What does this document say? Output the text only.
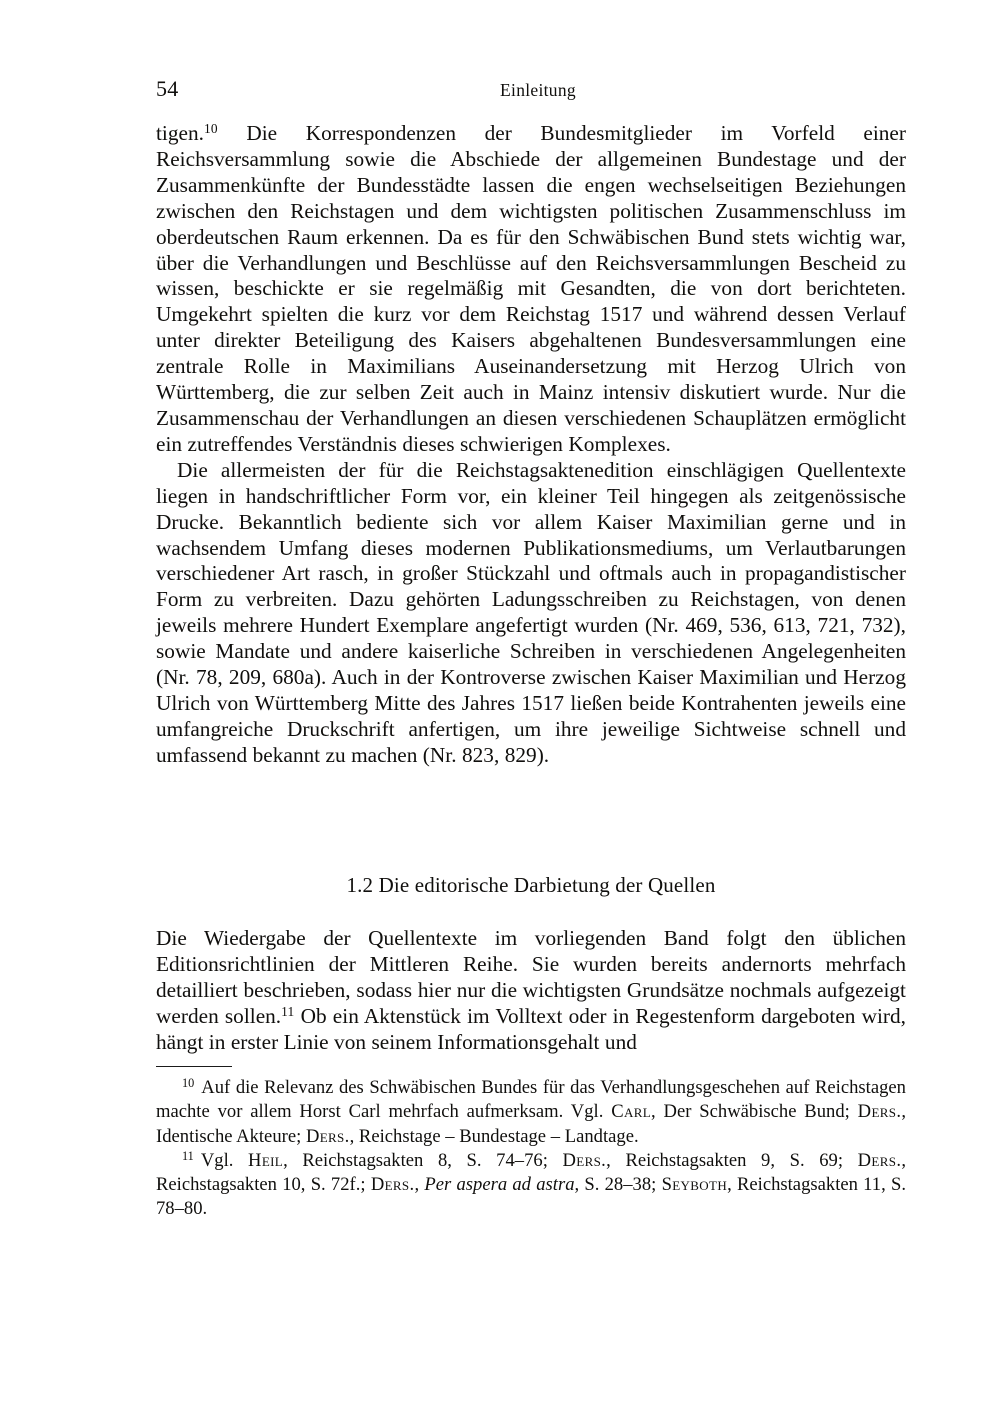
54	Einleitung

tigen.$^{10}$ Die Korrespondenzen der Bundesmitglieder im Vorfeld einer Reichsversammlung sowie die Abschiede der allgemeinen Bundestage und der Zusammenkünfte der Bundesstädte lassen die engen wechselseitigen Beziehungen zwischen den Reichstagen und dem wichtigsten politischen Zusammenschluss im oberdeutschen Raum erkennen. Da es für den Schwäbischen Bund stets wichtig war, über die Verhandlungen und Beschlüsse auf den Reichsversammlungen Bescheid zu wissen, beschickte er sie regelmäßig mit Gesandten, die von dort berichteten. Umgekehrt spielten die kurz vor dem Reichstag 1517 und während dessen Verlauf unter direkter Beteiligung des Kaisers abgehaltenen Bundesversammlungen eine zentrale Rolle in Maximilians Auseinandersetzung mit Herzog Ulrich von Württemberg, die zur selben Zeit auch in Mainz intensiv diskutiert wurde. Nur die Zusammenschau der Verhandlungen an diesen verschiedenen Schauplätzen ermöglicht ein zutreffendes Verständnis dieses schwierigen Komplexes.

Die allermeisten der für die Reichstagsaktenedition einschlägigen Quellentexte liegen in handschriftlicher Form vor, ein kleiner Teil hingegen als zeitgenössische Drucke. Bekanntlich bediente sich vor allem Kaiser Maximilian gerne und in wachsendem Umfang dieses modernen Publikationsmediums, um Verlautbarungen verschiedener Art rasch, in großer Stückzahl und oftmals auch in propagandistischer Form zu verbreiten. Dazu gehörten Ladungsschreiben zu Reichstagen, von denen jeweils mehrere Hundert Exemplare angefertigt wurden (Nr. 469, 536, 613, 721, 732), sowie Mandate und andere kaiserliche Schreiben in verschiedenen Angelegenheiten (Nr. 78, 209, 680a). Auch in der Kontroverse zwischen Kaiser Maximilian und Herzog Ulrich von Württemberg Mitte des Jahres 1517 ließen beide Kontrahenten jeweils eine umfangreiche Druckschrift anfertigen, um ihre jeweilige Sichtweise schnell und umfassend bekannt zu machen (Nr. 823, 829).

1.2 Die editorische Darbietung der Quellen

Die Wiedergabe der Quellentexte im vorliegenden Band folgt den üblichen Editionsrichtlinien der Mittleren Reihe. Sie wurden bereits andernorts mehrfach detailliert beschrieben, sodass hier nur die wichtigsten Grundsätze nochmals aufgezeigt werden sollen.$^{11}$ Ob ein Aktenstück im Volltext oder in Regestenform dargeboten wird, hängt in erster Linie von seinem Informationsgehalt und

$^{10}$ Auf die Relevanz des Schwäbischen Bundes für das Verhandlungsgeschehen auf Reichstagen machte vor allem Horst Carl mehrfach aufmerksam. Vgl. Carl, Der Schwäbische Bund; Ders., Identische Akteure; Ders., Reichstage – Bundestage – Landtage.

$^{11}$ Vgl. Heil, Reichstagsakten 8, S. 74–76; Ders., Reichstagsakten 9, S. 69; Ders., Reichstagsakten 10, S. 72f.; Ders., Per aspera ad astra, S. 28–38; Seyboth, Reichstagsakten 11, S. 78–80.
